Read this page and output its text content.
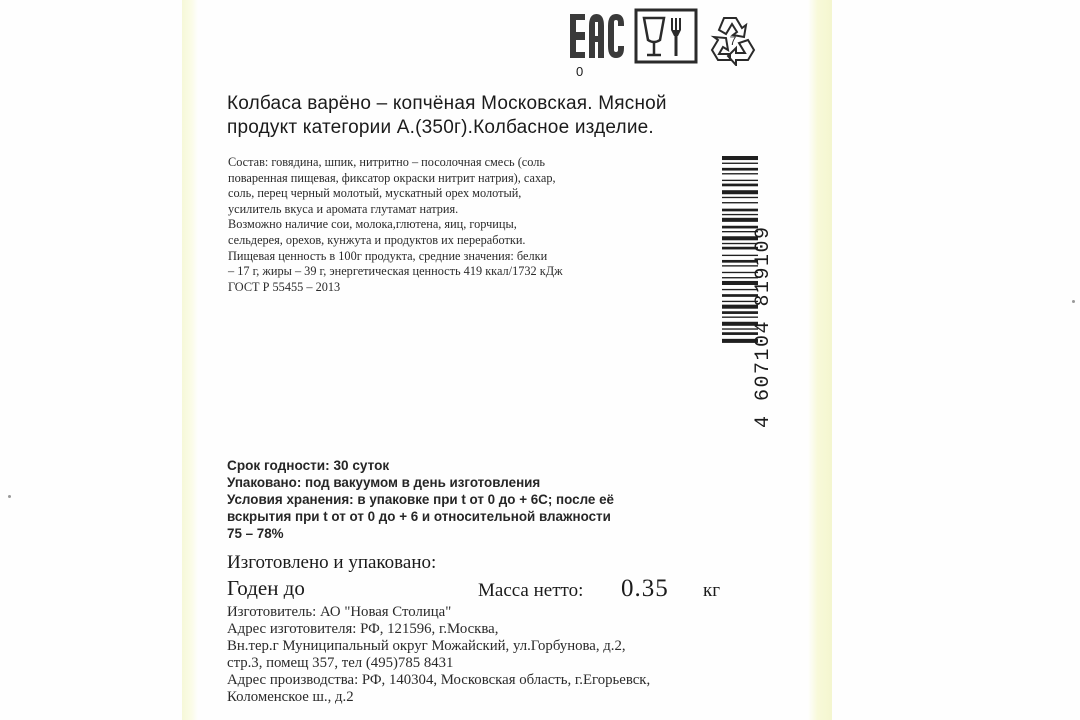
7
0
Колбаса варёно – копчёная Московская. Мясной
продукт категории А.(350г).Колбасное изделие.
Состав: говядина, шпик, нитритно – посолочная смесь (соль
поваренная пищевая, фиксатор окраски нитрит натрия), сахар,
соль, перец черный молотый, мускатный орех молотый,
усилитель вкуса и аромата глутамат натрия.
Возможно наличие сои, молока,глютена, яиц, горчицы,
сельдерея, орехов, кунжута и продуктов их переработки.
Пищевая ценность в 100г продукта, средние значения: белки
– 17 г, жиры – 39 г, энергетическая ценность 419 ккал/1732 кДж
ГОСТ Р 55455 – 2013	4 607104 819109
Срок годности: 30 суток
Упаковано: под вакуумом в день изготовления
Условия хранения: в упаковке при t от 0 до + 6С; после её
вскрытия при t от от 0 до + 6 и относительной влажности
75 – 78%
Изготовлено и упаковано:
Годен до	Масса нетто: 0.35 кг
Изготовитель: АО "Новая Столица"
Адрес изготовителя: РФ, 121596, г.Москва,
Вн.тер.г Муниципальный округ Можайский, ул.Горбунова, д.2,
стр.3, помещ 357, тел (495)785 8431
Адрес производства: РФ, 140304, Московская область, г.Егорьевск,
Коломенское ш., д.2
